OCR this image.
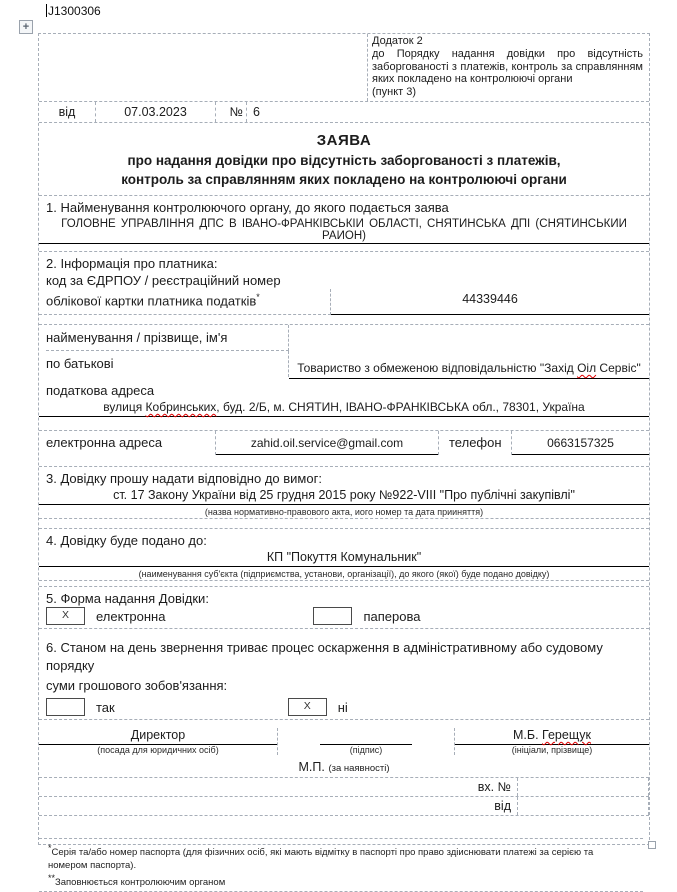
J1300306
+
Додаток 2
до Порядку надання довідки про відсутність заборгованості з платежів, контроль за справлянням яких покладено на контролюючі органи
(пункт 3)
від	07.03.2023	№ 6
ЗАЯВА
про надання довідки про відсутність заборгованості з платежів,
контроль за справлянням яких покладено на контролюючі органи
1. Найменування контролюючого органу, до якого подається заява
ГОЛОВНЕ УПРАВЛІННЯ ДПС В ІВАНО-ФРАНКІВСЬКІИ ОБЛАСТІ, СНЯТИНСЬКА ДПІ (СНЯТИНСЬКИИ РАИОН)
2. Інформація про платника:
код за ЄДРПОУ / реєстраційний номер
облікової картки платника податків*	44339446
найменування / прізвище, ім'я
по батькові	Товариство з обмеженою відповідальністю "Захід Оіл Сервіс"
податкова адреса
вулиця Кобринських, буд. 2/Б, м. СНЯТИН, ІВАНО-ФРАНКІВСЬКА обл., 78301, Україна
електронна адреса	zahid.oil.service@gmail.com	телефон	0663157325
3. Довідку прошу надати відповідно до вимог:
ст. 17 Закону України від 25 грудня 2015 року №922-VIII "Про публічні закупівлі"
(назва нормативно-правового акта, иого номер та дата прииняття)
4. Довідку буде подано до:
КП "Покуття Комунальник"
(наименування суб'єкта (підприємства, установи, організації), до якого (якої) буде подано довідку)
5. Форма надання Довідки:
X	електронна	паперова
6. Станом на день звернення триває процес оскарження в адміністративному або судовому порядку
суми грошового зобов'язання:
так	X	ні
Директор
(посада для юридичних осіб)	(підпис)
М.Б. Герещук
(ініціали, прізвище)
М.П. (за наявності)
вх. №
від
*Серія та/або номер паспорта (для фізичних осіб, які мають відмітку в паспорті про право здіиснювати платежі за серією та номером паспорта).
**Заповнюється контролюючим органом
